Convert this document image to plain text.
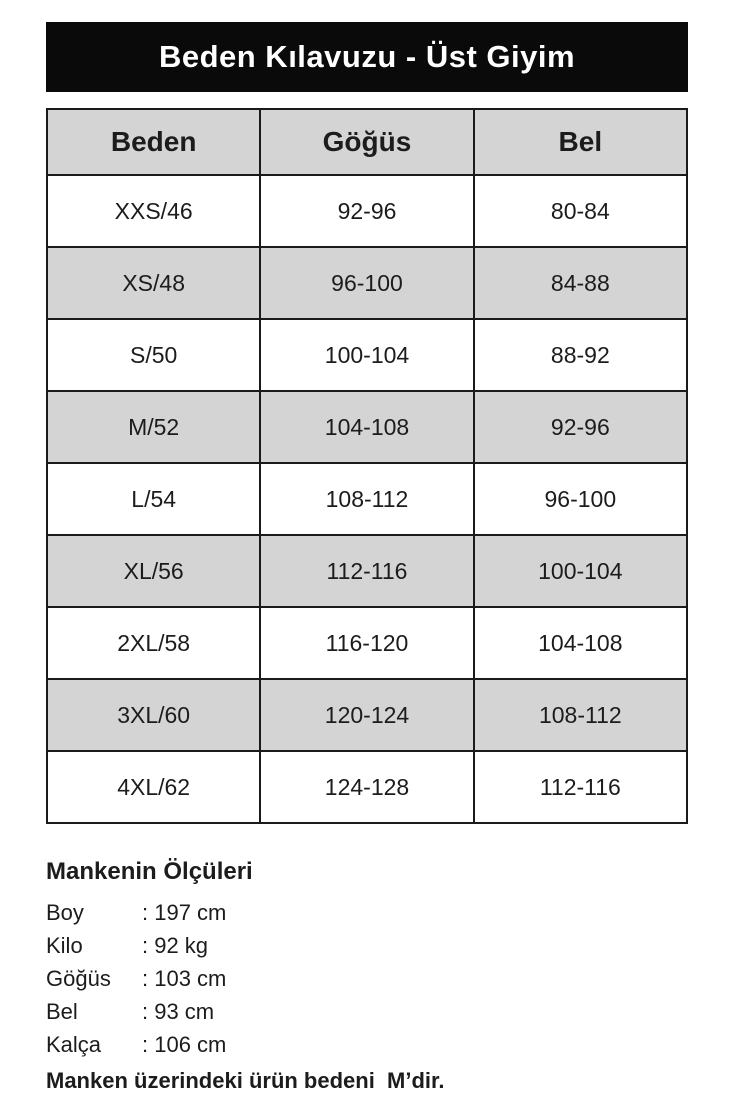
Beden Kılavuzu - Üst Giyim
Beden	Göğüs	Bel
XXS/46	92-96	80-84
XS/48	96-100	84-88
S/50	100-104	88-92
M/52	104-108	92-96
L/54	108-112	96-100
XL/56	112-116	100-104
2XL/58	116-120	104-108
3XL/60	120-124	108-112
4XL/62	124-128	112-116
Mankenin Ölçüleri
Boy	: 197 cm
Kilo	: 92 kg
Göğüs : 103 cm
Bel	: 93 cm
Kalça : 106 cm
Manken üzerindeki ürün bedeni  M’dir.
